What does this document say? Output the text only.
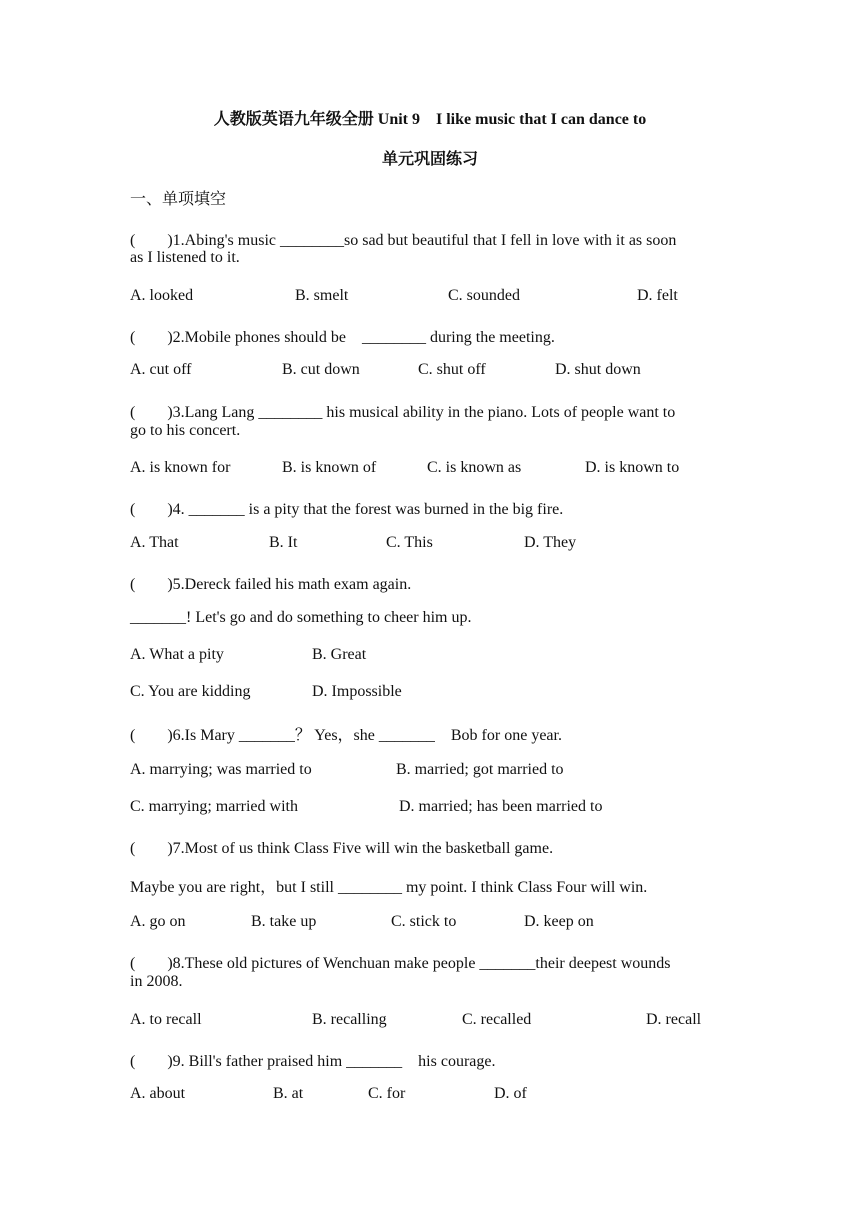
人教版英语九年级全册 Unit 9　I like music that I can dance to
单元巩固练习
一、单项填空
(　　)1.Abing's music ________so sad but beautiful that I fell in love with it as soon
as I listened to it.
A. looked	B. smelt	C. sounded	D. felt
(　　)2.Mobile phones should be　________ during the meeting.
A. cut off	B. cut down	C. shut off	D. shut down
(　　)3.Lang Lang ________ his musical ability in the piano. Lots of people want to
go to his concert.
A. is known for	B. is known of	C. is known as	D. is known to
(　　)4. _______ is a pity that the forest was burned in the big fire.
A. That	B. It	C. This	D. They
(　　)5.Dereck failed his math exam again.
_______! Let's go and do something to cheer him up.
A. What a pity	B. Great
C. You are kidding	D. Impossible
(　　)6.Is Mary _______？ Yes，she _______　Bob for one year.
A. marrying; was married to	B. married; got married to
C. marrying; married with	D. married; has been married to
(　　)7.Most of us think Class Five will win the basketball game.
Maybe you are right，but I still ________ my point. I think Class Four will win.
A. go on	B. take up	C. stick to	D. keep on
(　　)8.These old pictures of Wenchuan make people _______their deepest wounds
in 2008.
A. to recall	B. recalling	C. recalled	D. recall
(　　)9. Bill's father praised him _______　his courage.
A. about	B. at	C. for	D. of
